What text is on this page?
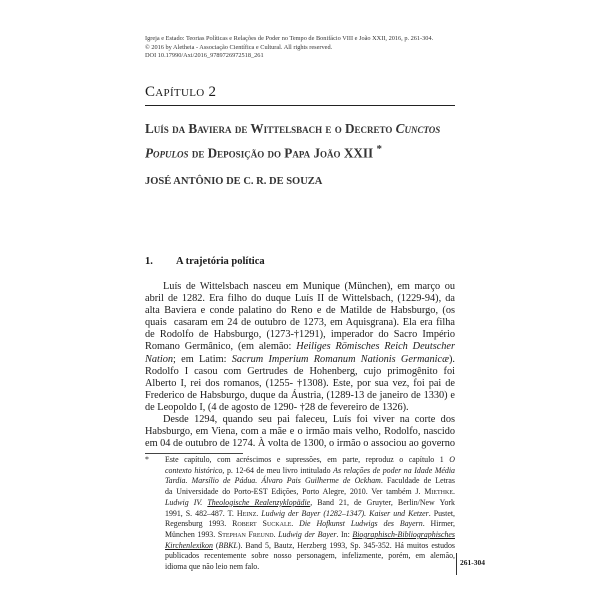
Igreja e Estado: Teorias Políticas e Relações de Poder no Tempo de Bonifácio VIII e João XXII, 2016, p. 261-304.
© 2016 by Aletheia - Associação Científica e Cultural. All rights reserved.
DOI 10.17990/Axi/2016_9789726972518_261
Capítulo 2
Luís da Baviera de Wittelsbach e o Decreto Cunctos
Populos de Deposição do Papa João XXII *
JOSÉ ANTÔNIO DE C. R. DE SOUZA
1. A trajetória política
Luís de Wittelsbach nasceu em Munique (München), em março ou
abril de 1282. Era filho do duque Luís II de Wittelsbach, (1229-94), da
alta Baviera e conde palatino do Reno e de Matilde de Habsburgo, (os
quais  casaram em 24 de outubro de 1273, em Aquisgrana). Ela era filha
de Rodolfo de Habsburgo, (1273-†1291), imperador do Sacro Império
Romano Germânico, (em alemão: Heiliges Römisches Reich Deutscher
Nation; em Latim: Sacrum Imperium Romanum Nationis Germanicæ).
Rodolfo I casou com Gertrudes de Hohenberg, cujo primogênito foi
Alberto I, rei dos romanos, (1255- †1308). Este, por sua vez, foi pai de
Frederico de Habsburgo, duque da Áustria, (1289-13 de janeiro de 1330) e
de Leopoldo I, (4 de agosto de 1290- †28 de fevereiro de 1326).
Desde 1294, quando seu pai faleceu, Luís foi viver na corte dos
Habsburgo, em Viena, com a mãe e o irmão mais velho, Rodolfo, nascido
em 04 de outubro de 1274. À volta de 1300, o irmão o associou ao governo
* Este capítulo, com acréscimos e supressões, em parte, reproduz o capítulo 1 O
contexto histórico, p. 12-64 de meu livro intitulado As relações de poder na Idade Média
Tardia. Marsílio de Pádua. Álvaro Pais Guilherme de Ockham. Faculdade de Letras
da Universidade do Porto-EST Edições, Porto Alegre, 2010. Ver também J. Miethke.
Ludwig IV. Theologische Realenzyklopädie, Band 21, de Gruyter, Berlin/New York
1991, S. 482–487. T. Heinz. Ludwig der Bayer (1282–1347). Kaiser und Ketzer. Pustet,
Regensburg 1993. Robert Suckale. Die Hofkunst Ludwigs des Bayern. Hirmer,
München 1993. Stephan Freund. Ludwig der Bayer. In: Biographisch-Bibliographisches
Kirchenlexikon (BBKL). Band 5, Bautz, Herzberg 1993, Sp. 345-352. Há muitos estudos
publicados recentemente sobre nosso personagem, infelizmente, porém, em alemão,
idioma que não leio nem falo.	261-304
